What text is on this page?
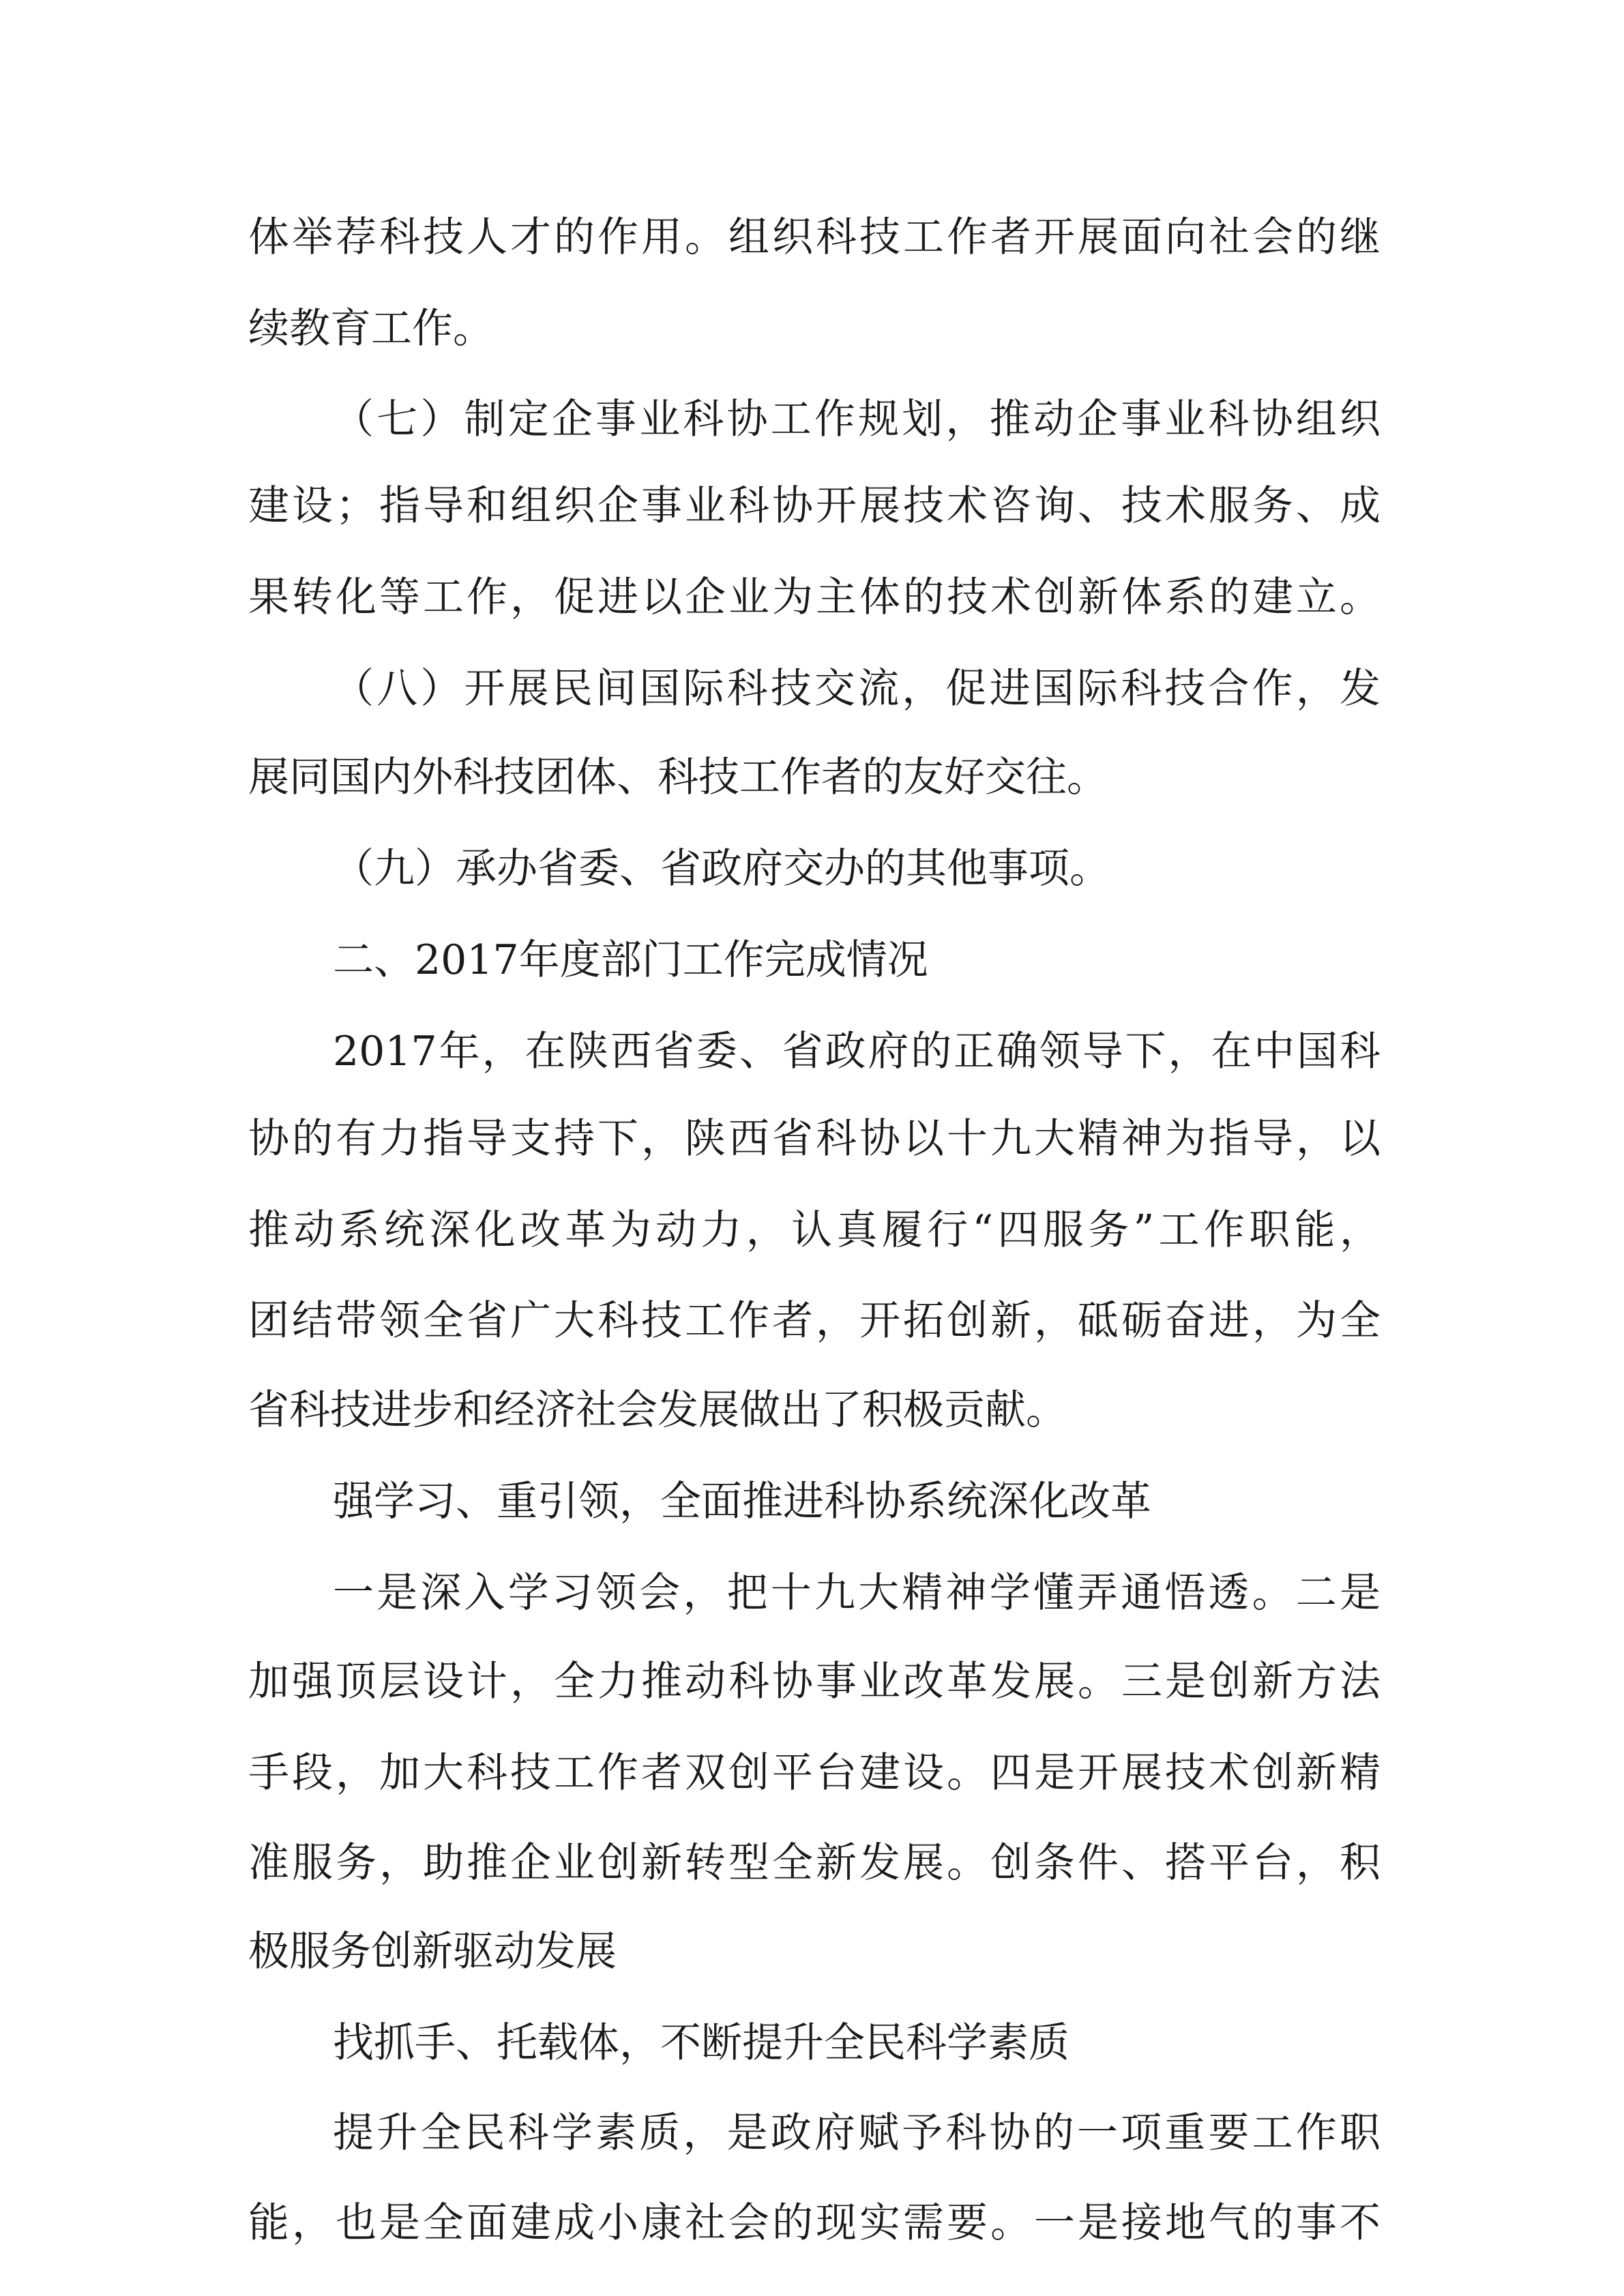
体举荐科技人才的作用。组织科技工作者开展面向社会的继
续教育工作。
（七）制定企事业科协工作规划，推动企事业科协组织
建设；指导和组织企事业科协开展技术咨询、技术服务、成
果转化等工作，促进以企业为主体的技术创新体系的建立。
（八）开展民间国际科技交流，促进国际科技合作，发
展同国内外科技团体、科技工作者的友好交往。
（九）承办省委、省政府交办的其他事项。
二、2017年度部门工作完成情况
2017年，在陕西省委、省政府的正确领导下，在中国科
协的有力指导支持下，陕西省科协以十九大精神为指导，以
推动系统深化改革为动力，认真履行“四服务”工作职能，
团结带领全省广大科技工作者，开拓创新，砥砺奋进，为全
省科技进步和经济社会发展做出了积极贡献。
强学习、重引领，全面推进科协系统深化改革
一是深入学习领会，把十九大精神学懂弄通悟透。二是
加强顶层设计，全力推动科协事业改革发展。三是创新方法
手段，加大科技工作者双创平台建设。四是开展技术创新精
准服务，助推企业创新转型全新发展。创条件、搭平台，积
极服务创新驱动发展
找抓手、托载体，不断提升全民科学素质
提升全民科学素质，是政府赋予科协的一项重要工作职
能，也是全面建成小康社会的现实需要。一是接地气的事不
